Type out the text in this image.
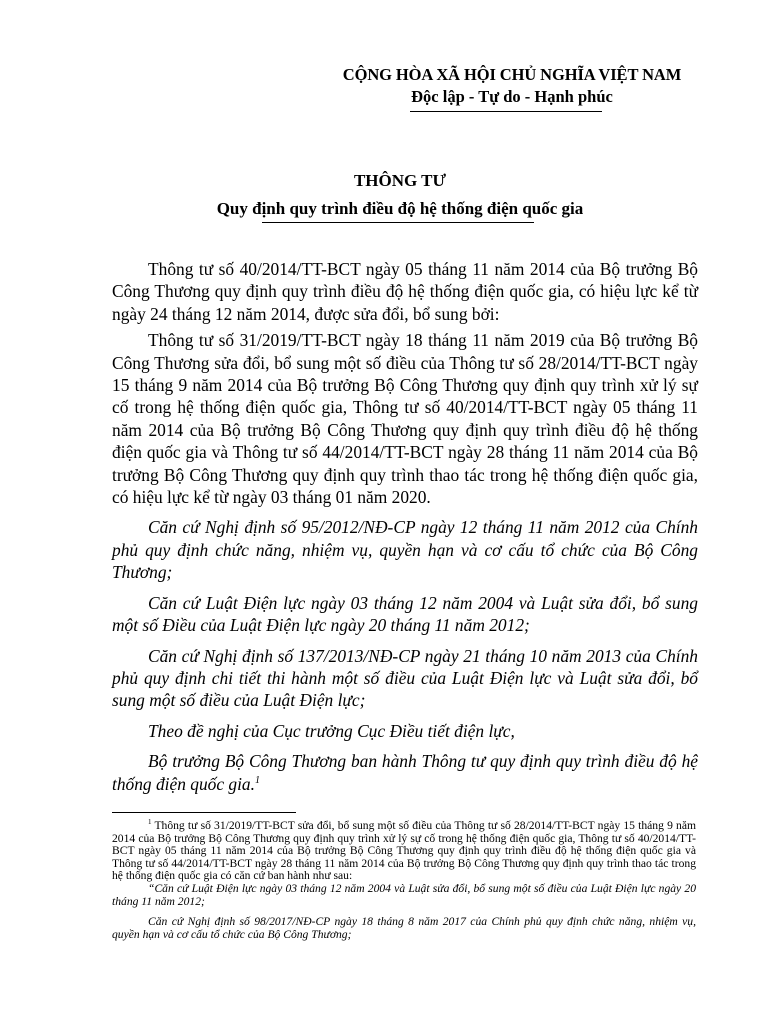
CỘNG HÒA XÃ HỘI CHỦ NGHĨA VIỆT NAM
Độc lập - Tự do - Hạnh phúc
THÔNG TƯ
Quy định quy trình điều độ hệ thống điện quốc gia

Thông tư số 40/2014/TT-BCT ngày 05 tháng 11 năm 2014 của Bộ trưởng Bộ Công Thương quy định quy trình điều độ hệ thống điện quốc gia, có hiệu lực kể từ ngày 24 tháng 12 năm 2014, được sửa đổi, bổ sung bởi:

Thông tư số 31/2019/TT-BCT ngày 18 tháng 11 năm 2019 của Bộ trưởng Bộ Công Thương sửa đổi, bổ sung một số điều của Thông tư số 28/2014/TT-BCT ngày 15 tháng 9 năm 2014 của Bộ trưởng Bộ Công Thương quy định quy trình xử lý sự cố trong hệ thống điện quốc gia, Thông tư số 40/2014/TT-BCT ngày 05 tháng 11 năm 2014 của Bộ trưởng Bộ Công Thương quy định quy trình điều độ hệ thống điện quốc gia và Thông tư số 44/2014/TT-BCT ngày 28 tháng 11 năm 2014 của Bộ trưởng Bộ Công Thương quy định quy trình thao tác trong hệ thống điện quốc gia, có hiệu lực kể từ ngày 03 tháng 01 năm 2020.

Căn cứ Nghị định số 95/2012/NĐ-CP ngày 12 tháng 11 năm 2012 của Chính phủ quy định chức năng, nhiệm vụ, quyền hạn và cơ cấu tổ chức của Bộ Công Thương;

Căn cứ Luật Điện lực ngày 03 tháng 12 năm 2004 và Luật sửa đổi, bổ sung một số Điều của Luật Điện lực ngày 20 tháng 11 năm 2012;

Căn cứ Nghị định số 137/2013/NĐ-CP ngày 21 tháng 10 năm 2013 của Chính phủ quy định chi tiết thi hành một số điều của Luật Điện lực và Luật sửa đổi, bổ sung một số điều của Luật Điện lực;

Theo đề nghị của Cục trưởng Cục Điều tiết điện lực,

Bộ trưởng Bộ Công Thương ban hành Thông tư quy định quy trình điều độ hệ thống điện quốc gia.$^1$

$^1$ Thông tư số 31/2019/TT-BCT sửa đổi, bổ sung một số điều của Thông tư số 28/2014/TT-BCT ngày 15 tháng 9 năm 2014 của Bộ trưởng Bộ Công Thương quy định quy trình xử lý sự cố trong hệ thống điện quốc gia, Thông tư số 40/2014/TT-BCT ngày 05 tháng 11 năm 2014 của Bộ trưởng Bộ Công Thương quy định quy trình điều độ hệ thống điện quốc gia và Thông tư số 44/2014/TT-BCT ngày 28 tháng 11 năm 2014 của Bộ trưởng Bộ Công Thương quy định quy trình thao tác trong hệ thống điện quốc gia có căn cứ ban hành như sau:

“Căn cứ Luật Điện lực ngày 03 tháng 12 năm 2004 và Luật sửa đổi, bổ sung một số điều của Luật Điện lực ngày 20 tháng 11 năm 2012;

Căn cứ Nghị định số 98/2017/NĐ-CP ngày 18 tháng 8 năm 2017 của Chính phủ quy định chức năng, nhiệm vụ, quyền hạn và cơ cấu tổ chức của Bộ Công Thương;
